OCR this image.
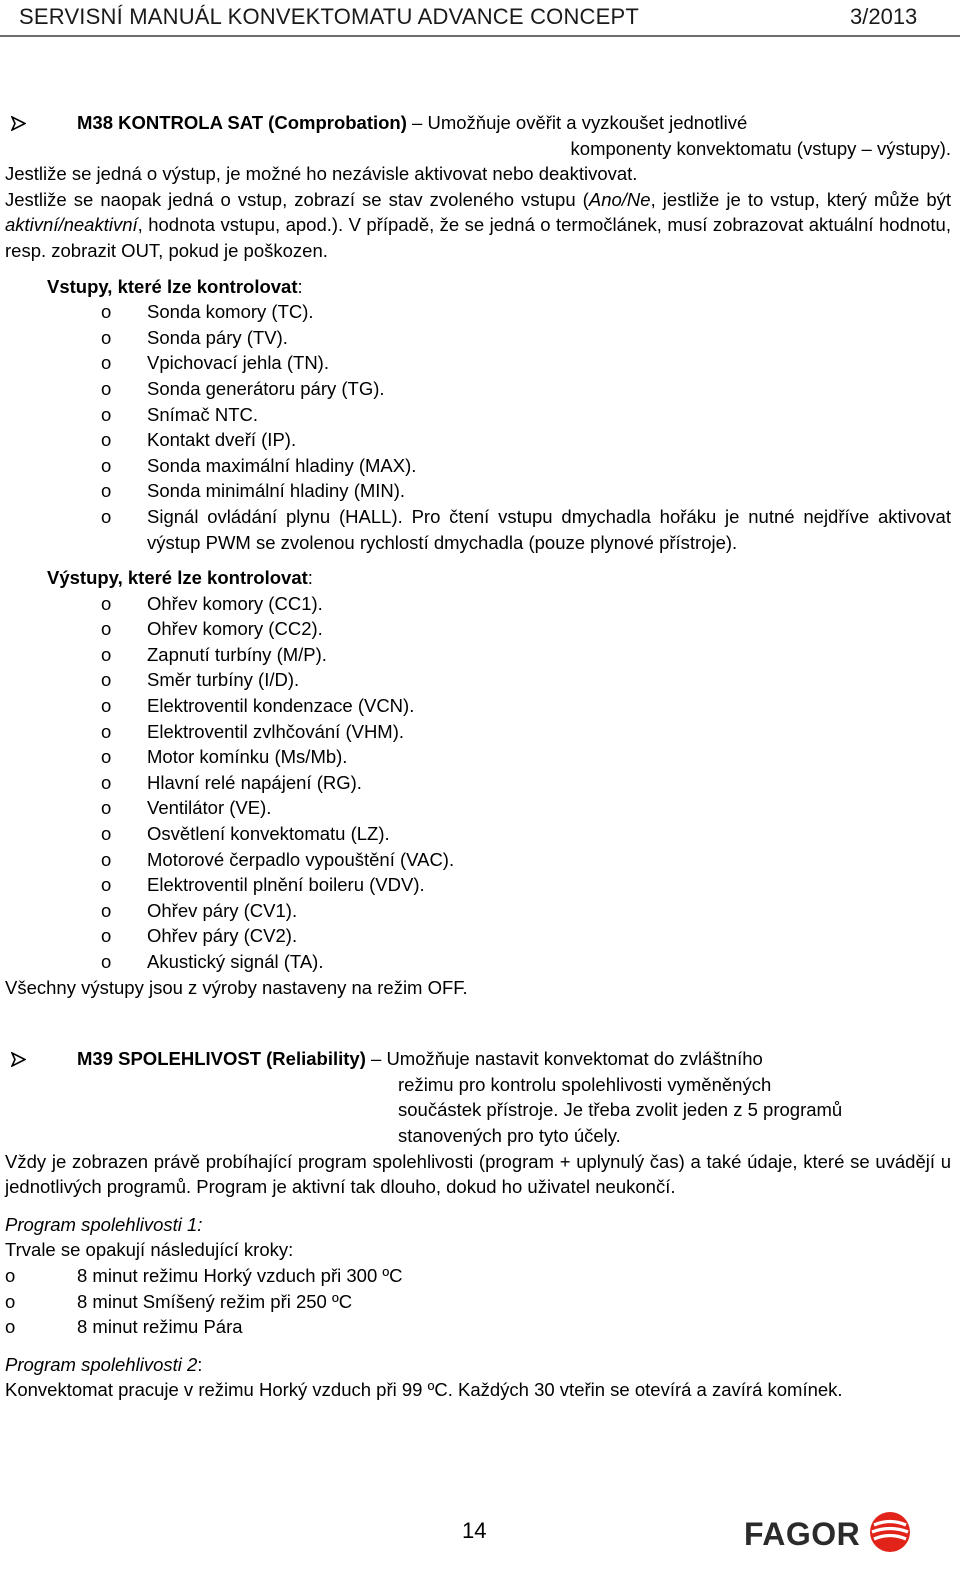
SERVISNÍ MANUÁL KONVEKTOMATU ADVANCE CONCEPT	3/2013

M38 KONTROLA SAT (Comprobation) – Umožňuje ověřit a vyzkoušet jednotlivé

komponenty konvektomatu (vstupy – výstupy).

Jestliže se jedná o výstup, je možné ho nezávisle aktivovat nebo deaktivovat.

Jestliže se naopak jedná o vstup, zobrazí se stav zvoleného vstupu (Ano/Ne, jestliže je to vstup, který může být aktivní/neaktivní, hodnota vstupu, apod.). V případě, že se jedná o termočlánek, musí zobrazovat aktuální hodnotu, resp. zobrazit OUT, pokud je poškozen.

Vstupy, které lze kontrolovat:

o Sonda komory (TC).
o Sonda páry (TV).
o Vpichovací jehla (TN).
o Sonda generátoru páry (TG).
o Snímač NTC.
o Kontakt dveří (IP).
o Sonda maximální hladiny (MAX).
o Sonda minimální hladiny (MIN).
o Signál ovládání plynu (HALL). Pro čtení vstupu dmychadla hořáku je nutné nejdříve aktivovat výstup PWM se zvolenou rychlostí dmychadla (pouze plynové přístroje).

Výstupy, které lze kontrolovat:

o Ohřev komory (CC1).
o Ohřev komory (CC2).
o Zapnutí turbíny (M/P).
o Směr turbíny (I/D).
o Elektroventil kondenzace (VCN).
o Elektroventil zvlhčování (VHM).
o Motor komínku (Ms/Mb).
o Hlavní relé napájení (RG).
o Ventilátor (VE).
o Osvětlení konvektomatu (LZ).
o Motorové čerpadlo vypouštění (VAC).
o Elektroventil plnění boileru (VDV).
o Ohřev páry (CV1).
o Ohřev páry (CV2).
o Akustický signál (TA).

Všechny výstupy jsou z výroby nastaveny na režim OFF.

M39 SPOLEHLIVOST (Reliability) – Umožňuje nastavit konvektomat do zvláštního

režimu pro kontrolu spolehlivosti vyměněných

součástek přístroje. Je třeba zvolit jeden z 5 programů

stanovených pro tyto účely.

Vždy je zobrazen právě probíhající program spolehlivosti (program + uplynulý čas) a také údaje, které se uvádějí u jednotlivých programů. Program je aktivní tak dlouho, dokud ho uživatel neukončí.

Program spolehlivosti 1:

Trvale se opakují následující kroky:

o	8 minut režimu Horký vzduch při 300 ºC
o	8 minut Smíšený režim při 250 ºC
o	8 minut režimu Pára

Program spolehlivosti 2:

Konvektomat pracuje v režimu Horký vzduch při 99 ºC. Každých 30 vteřin se otevírá a zavírá komínek.

14	FAGOR
